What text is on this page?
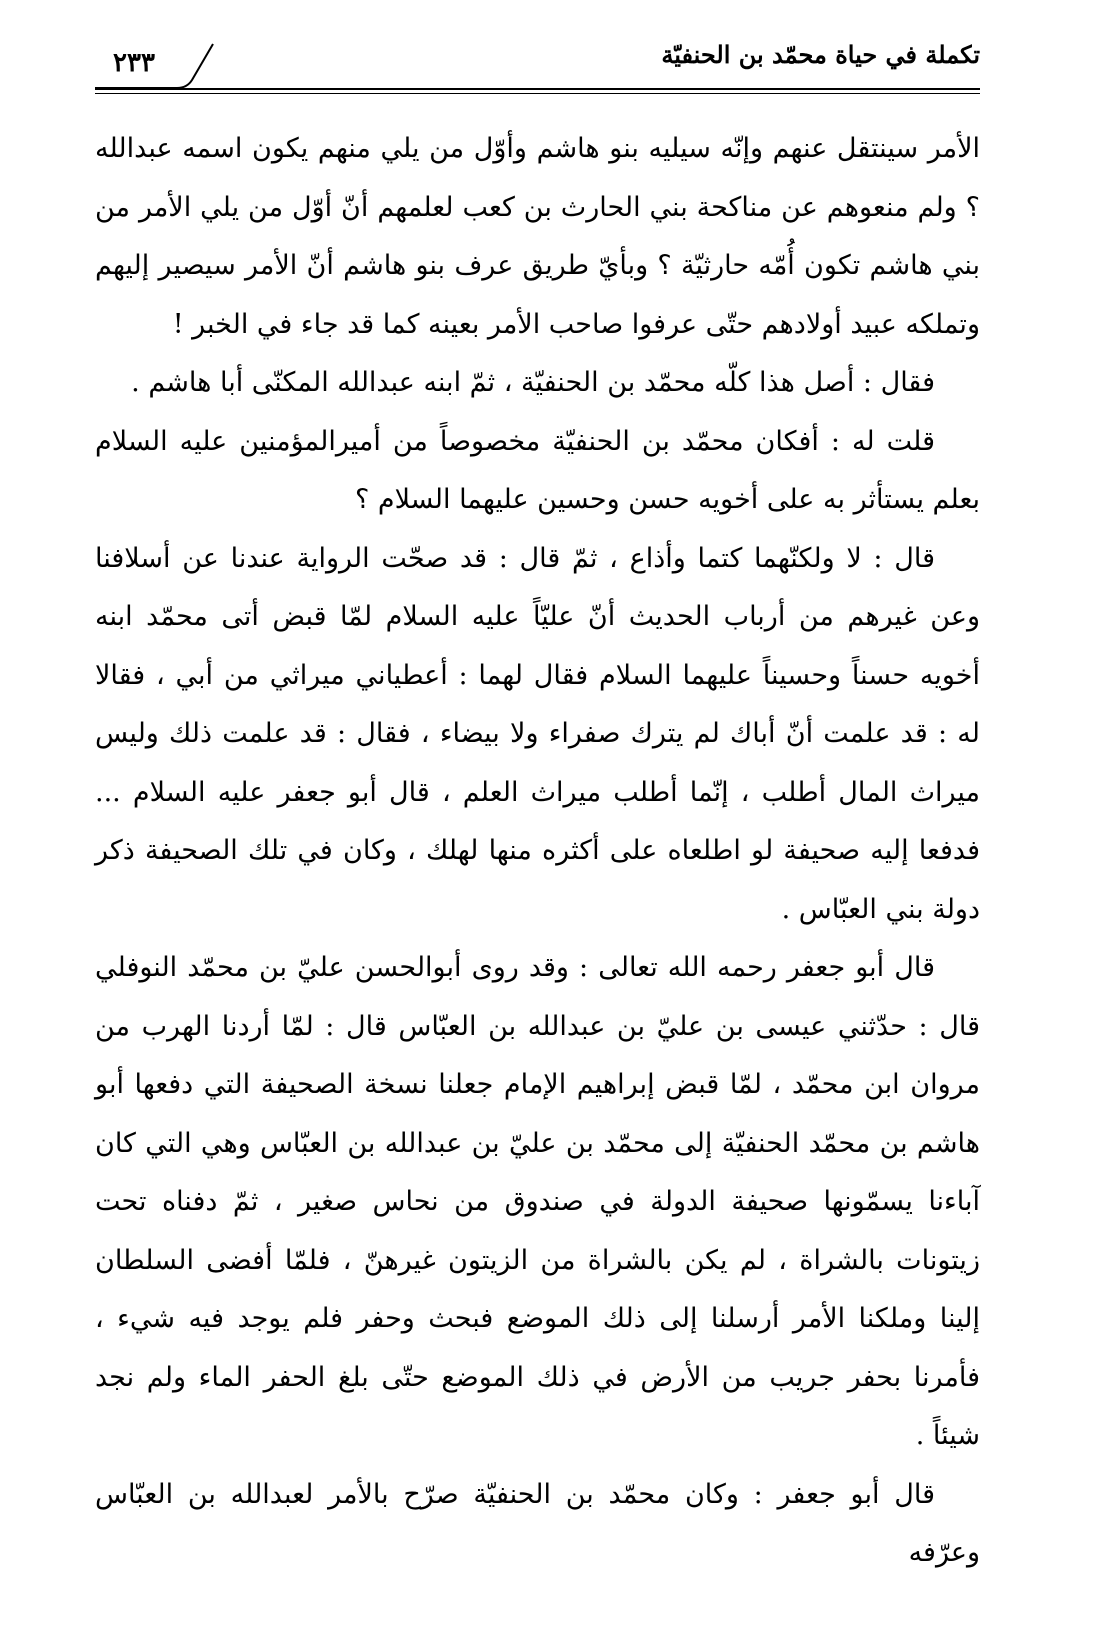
تكملة في حياة محمّد بن الحنفيّة
٢٣٣

الأمر سينتقل عنهم وإنّه سيليه بنو هاشم وأوّل من يلي منهم يكون اسمه عبدالله ؟ ولم منعوهم عن مناكحة بني الحارث بن كعب لعلمهم أنّ أوّل من يلي الأمر من بني هاشم تكون أُمّه حارثيّة ؟ وبأيّ طريق عرف بنو هاشم أنّ الأمر سيصير إليهم وتملكه عبيد أولادهم حتّى عرفوا صاحب الأمر بعينه كما قد جاء في الخبر !

فقال : أصل هذا كلّه محمّد بن الحنفيّة ، ثمّ ابنه عبدالله المكنّى أبا هاشم .

قلت له : أفكان محمّد بن الحنفيّة مخصوصاً من أميرالمؤمنين عليه السلام بعلم يستأثر به على أخويه حسن وحسين عليهما السلام ؟

قال : لا ولكنّهما كتما وأذاع ، ثمّ قال : قد صحّت الرواية عندنا عن أسلافنا وعن غيرهم من أرباب الحديث أنّ عليّاً عليه السلام لمّا قبض أتى محمّد ابنه أخويه حسناً وحسيناً عليهما السلام فقال لهما : أعطياني ميراثي من أبي ، فقالا له : قد علمت أنّ أباك لم يترك صفراء ولا بيضاء ، فقال : قد علمت ذلك وليس ميراث المال أطلب ، إنّما أطلب ميراث العلم ، قال أبو جعفر عليه السلام ... فدفعا إليه صحيفة لو اطلعاه على أكثره منها لهلك ، وكان في تلك الصحيفة ذكر دولة بني العبّاس .

قال أبو جعفر رحمه الله تعالى : وقد روى أبوالحسن عليّ بن محمّد النوفلي قال : حدّثني عيسى بن عليّ بن عبدالله بن العبّاس قال : لمّا أردنا الهرب من مروان ابن محمّد ، لمّا قبض إبراهيم الإمام جعلنا نسخة الصحيفة التي دفعها أبو هاشم بن محمّد الحنفيّة إلى محمّد بن عليّ بن عبدالله بن العبّاس وهي التي كان آباءنا يسمّونها صحيفة الدولة في صندوق من نحاس صغير ، ثمّ دفناه تحت زيتونات بالشراة ، لم يكن بالشراة من الزيتون غيرهنّ ، فلمّا أفضى السلطان إلينا وملكنا الأمر أرسلنا إلى ذلك الموضع فبحث وحفر فلم يوجد فيه شيء ، فأمرنا بحفر جريب من الأرض في ذلك الموضع حتّى بلغ الحفر الماء ولم نجد شيئاً .

قال أبو جعفر : وكان محمّد بن الحنفيّة صرّح بالأمر لعبدالله بن العبّاس وعرّفه
